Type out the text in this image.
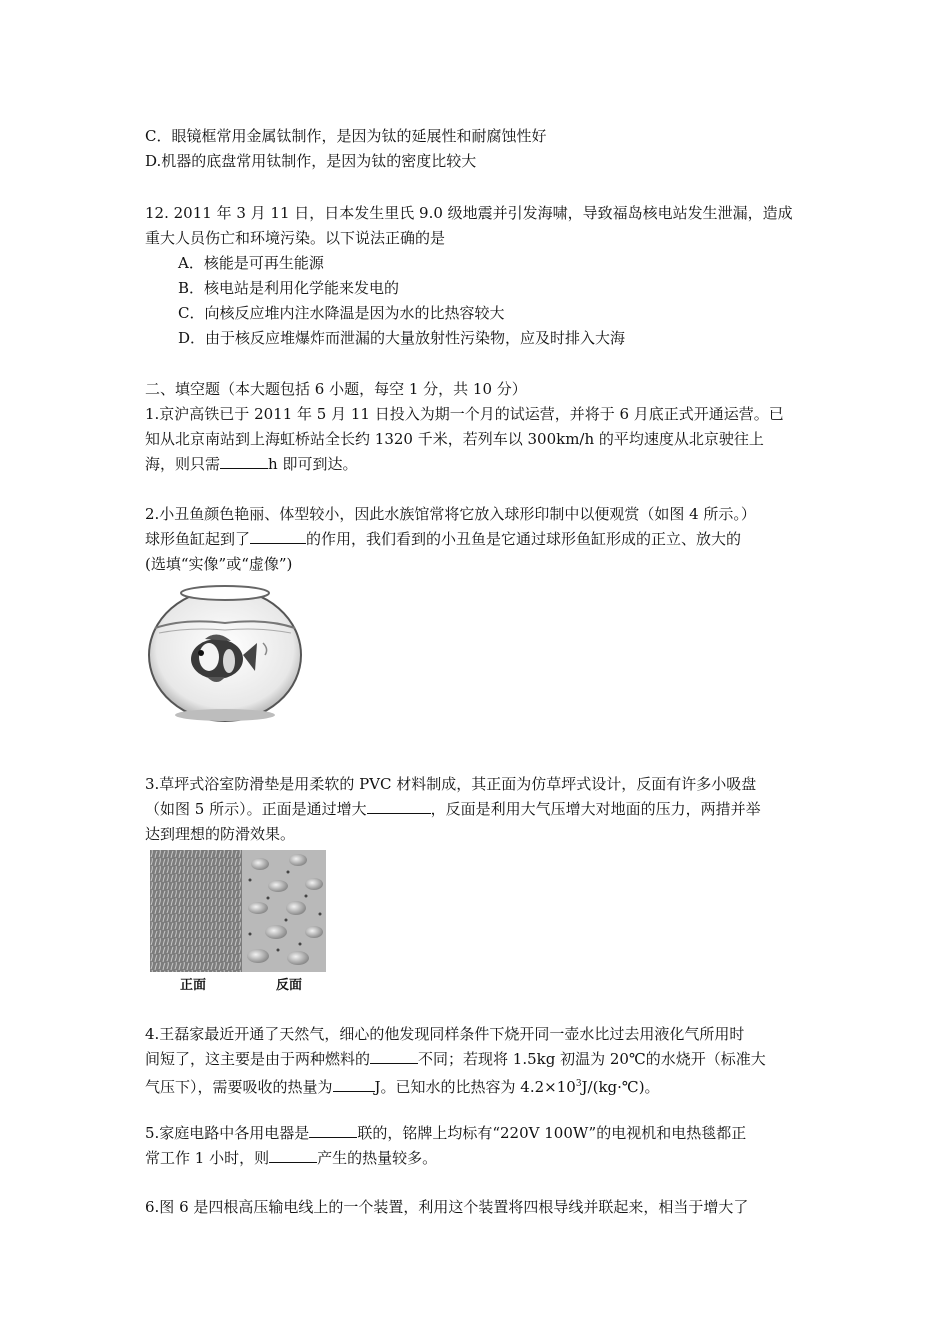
C．眼镜框常用金属钛制作，是因为钛的延展性和耐腐蚀性好
D.机器的底盘常用钛制作，是因为钛的密度比较大
12. 2011 年 3 月 11 日，日本发生里氏 9.0 级地震并引发海啸，导致福岛核电站发生泄漏，造成
重大人员伤亡和环境污染。以下说法正确的是
A．核能是可再生能源
B．核电站是利用化学能来发电的
C．向核反应堆内注水降温是因为水的比热容较大
D．由于核反应堆爆炸而泄漏的大量放射性污染物，应及时排入大海
二、填空题（本大题包括 6 小题，每空 1 分，共 10 分）
1.京沪高铁已于 2011 年 5 月 11 日投入为期一个月的试运营，并将于 6 月底正式开通运营。已
知从北京南站到上海虹桥站全长约 1320 千米，若列车以 300km/h 的平均速度从北京驶往上
海，则只需	h 即可到达。
2.小丑鱼颜色艳丽、体型较小，因此水族馆常将它放入球形印制中以便观赏（如图 4 所示。）
球形鱼缸起到了	的作用，我们看到的小丑鱼是它通过球形鱼缸形成的正立、放大的
(选填“实像”或“虚像”)
3.草坪式浴室防滑垫是用柔软的 PVC 材料制成，其正面为仿草坪式设计，反面有许多小吸盘
（如图 5 所示）。正面是通过增大	，反面是利用大气压增大对地面的压力，两措并举
达到理想的防滑效果。
正面	反面
4.王磊家最近开通了天然气，细心的他发现同样条件下烧开同一壶水比过去用液化气所用时
间短了，这主要是由于两种燃料的	不同；若现将 1.5kg 初温为 20℃的水烧开（标准大
气压下），需要吸收的热量为	J。已知水的比热容为 $4.2\times 10^3J/(kg\cdot℃)$。
5.家庭电路中各用电器是	联的，铭牌上均标有“220V 100W”的电视机和电热毯都正
常工作 1 小时，则	产生的热量较多。
6.图 6 是四根高压输电线上的一个装置，利用这个装置将四根导线并联起来，相当于增大了
